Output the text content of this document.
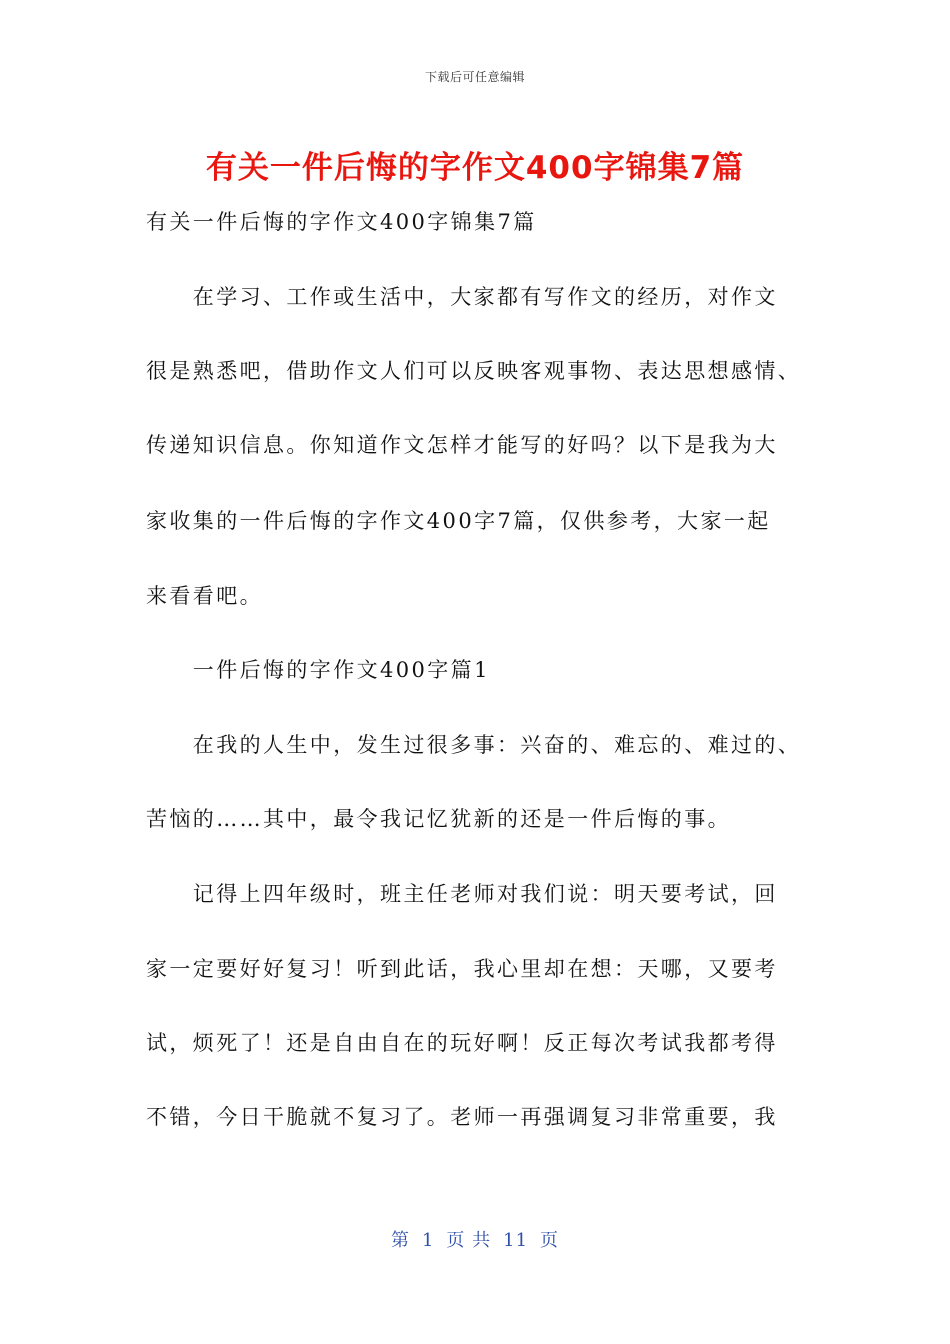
下载后可任意编辑
有关一件后悔的字作文400字锦集7篇
有关一件后悔的字作文400字锦集7篇
　　在学习、工作或生活中，大家都有写作文的经历，对作文
很是熟悉吧，借助作文人们可以反映客观事物、表达思想感情、
传递知识信息。你知道作文怎样才能写的好吗？以下是我为大
家收集的一件后悔的字作文400字7篇，仅供参考，大家一起
来看看吧。
　　一件后悔的字作文400字篇1
　　在我的人生中，发生过很多事：兴奋的、难忘的、难过的、
苦恼的……其中，最令我记忆犹新的还是一件后悔的事。
　　记得上四年级时，班主任老师对我们说：明天要考试，回
家一定要好好复习！听到此话，我心里却在想：天哪，又要考
试，烦死了！还是自由自在的玩好啊！反正每次考试我都考得
不错，今日干脆就不复习了。老师一再强调复习非常重要，我
第 1 页 共 11 页
